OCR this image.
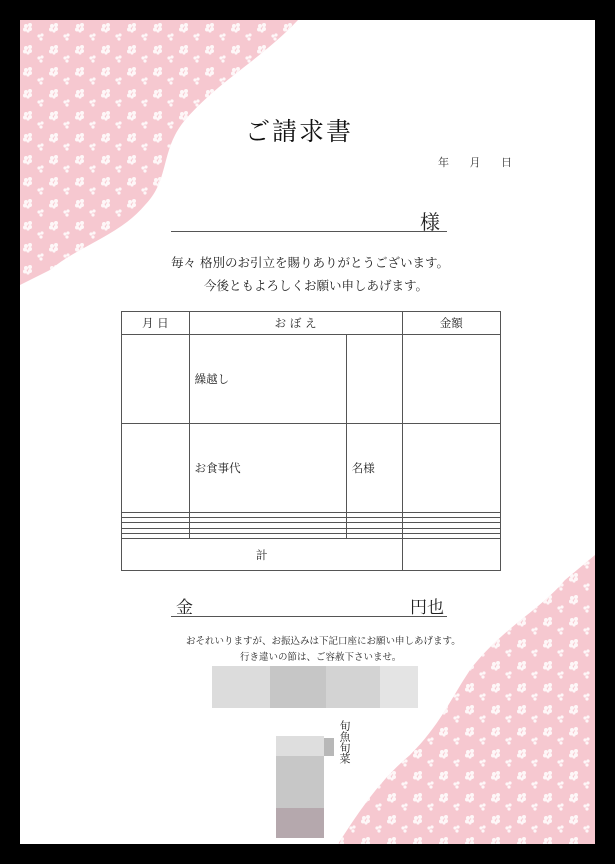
ご請求書
年 月 日
様
毎々 格別のお引立を賜りありがとうございます。
今後ともよろしくお願い申しあげます。
月 日	お ぼ え		金額
	繰越し		
	お食事代	名様	

計			
金	円也
おそれいりますが、お振込みは下記口座にお願い申しあげます。
行き違いの節は、ご容赦下さいませ。
旬魚旬菜
